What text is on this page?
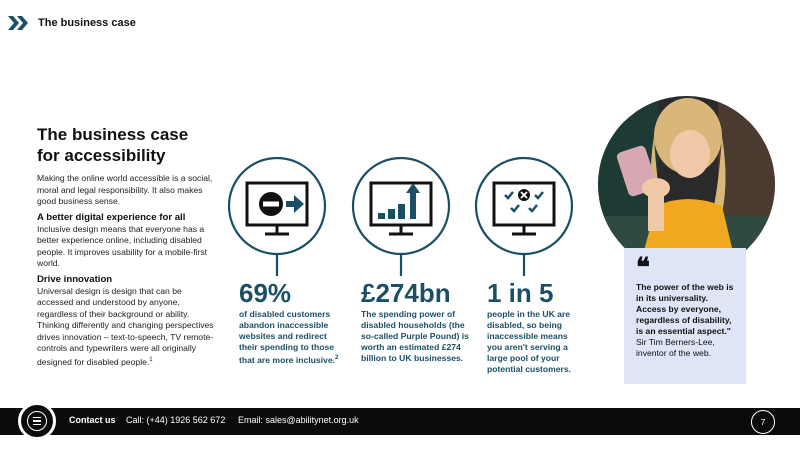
The business case
The business case
for accessibility

Making the online world accessible is a social, moral and legal responsibility. It also makes good business sense.

A better digital experience for all

Inclusive design means that everyone has a better experience online, including disabled people. It improves usability for a mobile-first world.

Drive innovation

Universal design is design that can be accessed and understood by anyone, regardless of their background or ability. Thinking differently and changing perspectives drives innovation – text-to-speech, TV remote-controls and typewriters were all originally designed for disabled people.$^1$

69%
of disabled customers abandon inaccessible websites and redirect their spending to those that are more inclusive.$^2$
£274bn
The spending power of disabled households (the so-called Purple Pound) is worth an estimated £274 billion to UK businesses.
1 in 5
people in the UK are disabled, so being inaccessible means you aren't serving a large pool of your potential customers.
❝
The power of the web is in its universality. Access by everyone, regardless of disability, is an essential aspect."
Sir Tim Berners-Lee,
inventor of the web.
Contact us Call: (+44) 1926 562 672 Email: sales@abilitynet.org.uk	7
